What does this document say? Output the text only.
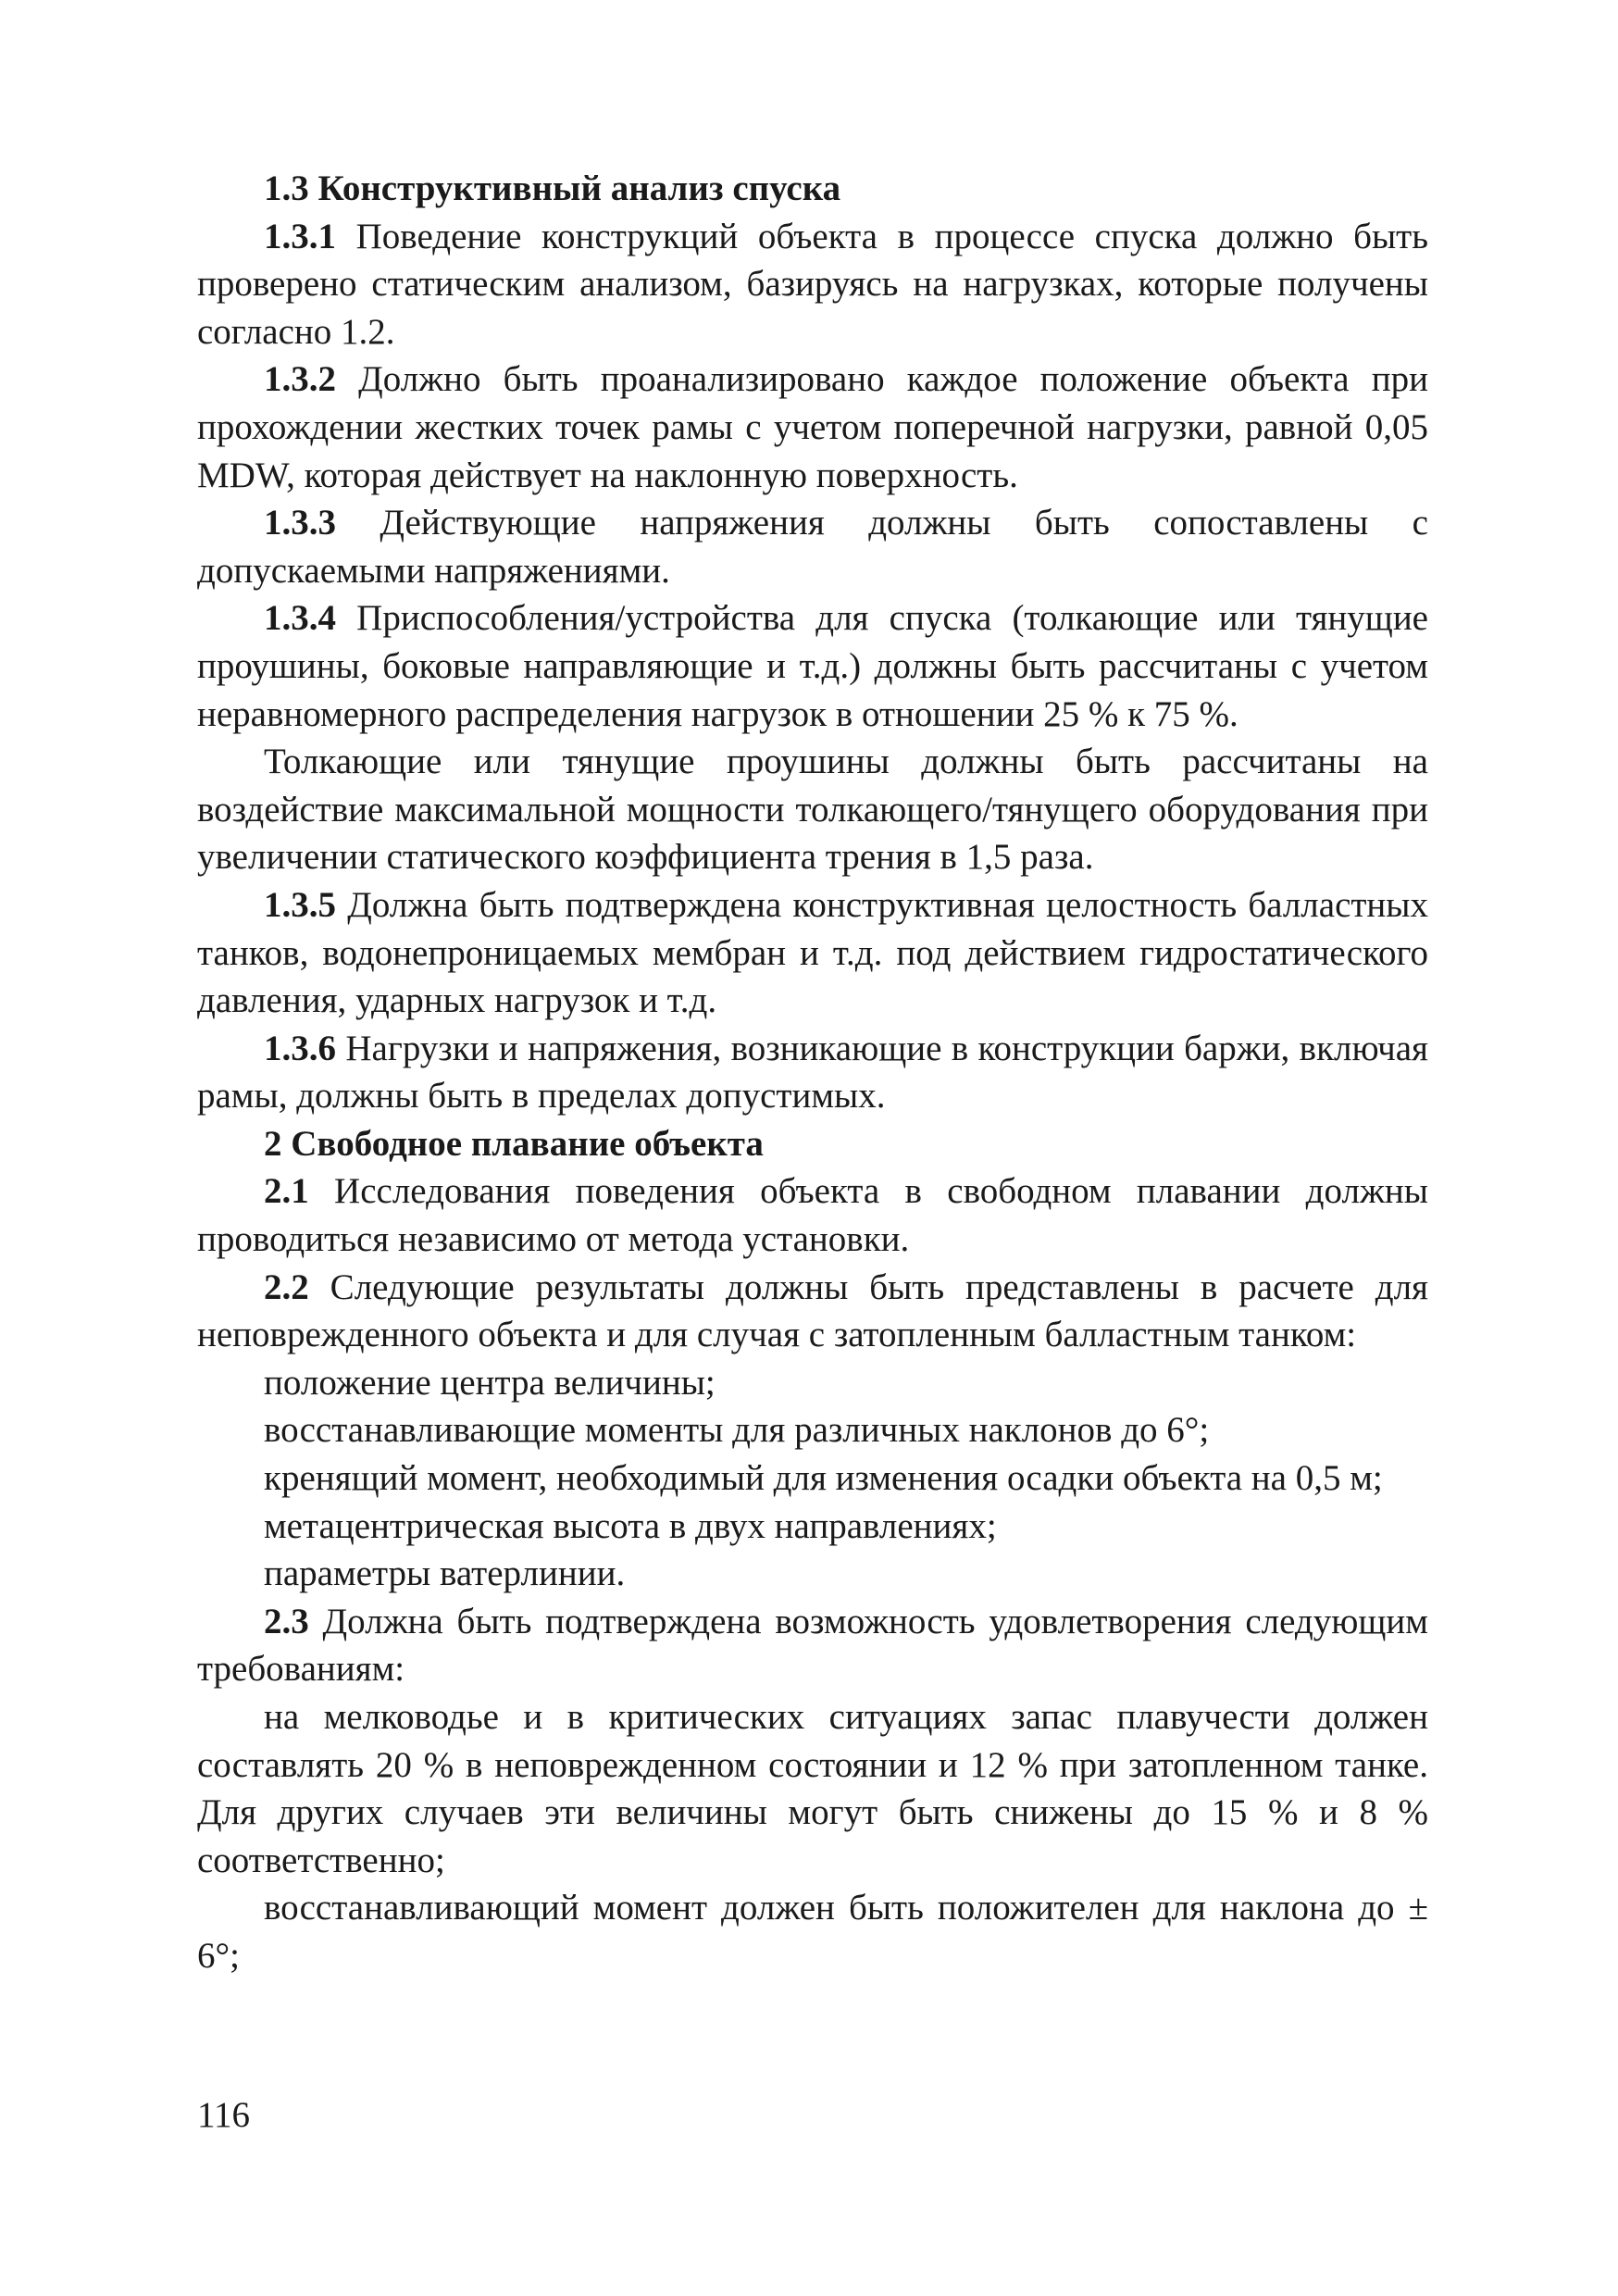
1.3 Конструктивный анализ спуска

1.3.1 Поведение конструкций объекта в процессе спуска должно быть проверено статическим анализом, базируясь на нагрузках, которые получены согласно 1.2.

1.3.2 Должно быть проанализировано каждое положение объекта при прохождении жестких точек рамы с учетом поперечной нагрузки, равной 0,05 MDW, которая действует на наклонную поверхность.

1.3.3 Действующие напряжения должны быть сопоставлены с допускаемыми напряжениями.

1.3.4 Приспособления/устройства для спуска (толкающие или тянущие проушины, боковые направляющие и т.д.) должны быть рассчитаны с учетом неравномерного распределения нагрузок в отношении 25 % к 75 %.

Толкающие или тянущие проушины должны быть рассчитаны на воздействие максимальной мощности толкающего/тянущего оборудования при увеличении статического коэффициента трения в 1,5 раза.

1.3.5 Должна быть подтверждена конструктивная целостность балластных танков, водонепроницаемых мембран и т.д. под действием гидростатического давления, ударных нагрузок и т.д.

1.3.6 Нагрузки и напряжения, возникающие в конструкции баржи, включая рамы, должны быть в пределах допустимых.

2 Свободное плавание объекта

2.1 Исследования поведения объекта в свободном плавании должны проводиться независимо от метода установки.

2.2 Следующие результаты должны быть представлены в расчете для неповрежденного объекта и для случая с затопленным балластным танком:

положение центра величины;

восстанавливающие моменты для различных наклонов до 6°;

кренящий момент, необходимый для изменения осадки объекта на 0,5 м;

метацентрическая высота в двух направлениях;

параметры ватерлинии.

2.3 Должна быть подтверждена возможность удовлетворения следующим требованиям:

на мелководье и в критических ситуациях запас плавучести должен составлять 20 % в неповрежденном состоянии и 12 % при затопленном танке. Для других случаев эти величины могут быть снижены до 15 % и 8 % соответственно;

восстанавливающий момент должен быть положителен для наклона до ± 6°;

116
